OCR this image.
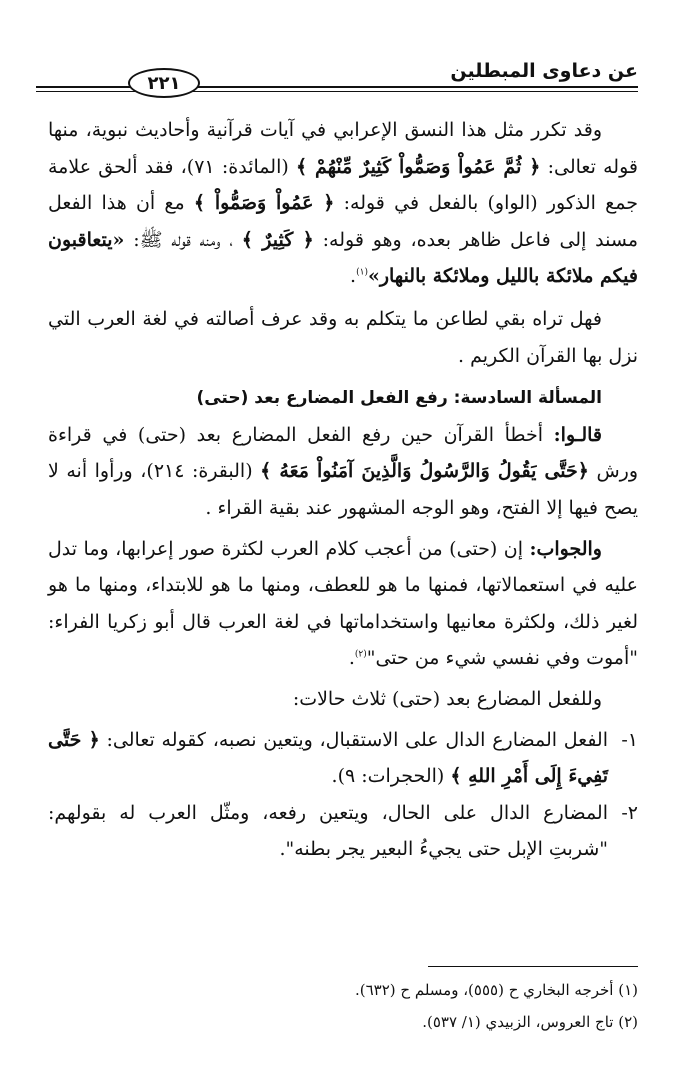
عن دعاوى المبطلين
٢٢١

وقد تكرر مثل هذا النسق الإعرابي في آيات قرآنية وأحاديث نبوية، منها قوله تعالى: ﴿ ثُمَّ عَمُواْ وَصَمُّواْ كَثِيرٌ مِّنْهُمْ ﴾ (المائدة: ٧١)، فقد ألحق علامة جمع الذكور (الواو) بالفعل في قوله: ﴿ عَمُواْ وَصَمُّواْ ﴾ مع أن هذا الفعل مسند إلى فاعل ظاهر بعده، وهو قوله: ﴿ كَثِيرٌ ﴾ ، ومنه قوله ﷺ: «يتعاقبون فيكم ملائكة بالليل وملائكة بالنهار»$^{(١)}$.

فهل تراه بقي لطاعن ما يتكلم به وقد عرف أصالته في لغة العرب التي نزل بها القرآن الكريم .

المسألة السادسة: رفع الفعل المضارع بعد (حتى)

قالـوا: أخطأ القرآن حين رفع الفعل المضارع بعد (حتى) في قراءة ورش ﴿حَتَّى يَقُولُ وَالرَّسُولُ وَالَّذِينَ آمَنُواْ مَعَهُ ﴾ (البقرة: ٢١٤)، ورأوا أنه لا يصح فيها إلا الفتح، وهو الوجه المشهور عند بقية القراء .

والجواب: إن (حتى) من أعجب كلام العرب لكثرة صور إعرابها، وما تدل عليه في استعمالاتها، فمنها ما هو للعطف، ومنها ما هو للابتداء، ومنها ما هو لغير ذلك، ولكثرة معانيها واستخداماتها في لغة العرب قال أبو زكريا الفراء: "أموت وفي نفسي شيء من حتى"$^{(٢)}$.

وللفعل المضارع بعد (حتى) ثلاث حالات:

١-
الفعل المضارع الدال على الاستقبال، ويتعين نصبه، كقوله تعالى: ﴿ حَتَّى تَفِيءَ إِلَى أَمْرِ اللهِ ﴾ (الحجرات: ٩).
٢-
المضارع الدال على الحال، ويتعين رفعه، ومثّل العرب له بقولهم: "شربتِ الإبل حتى يجيءُ البعير يجر بطنه".

(١) أخرجه البخاري ح (٥٥٥)، ومسلم ح (٦٣٢).

(٢) تاج العروس، الزبيدي (١/ ٥٣٧).
